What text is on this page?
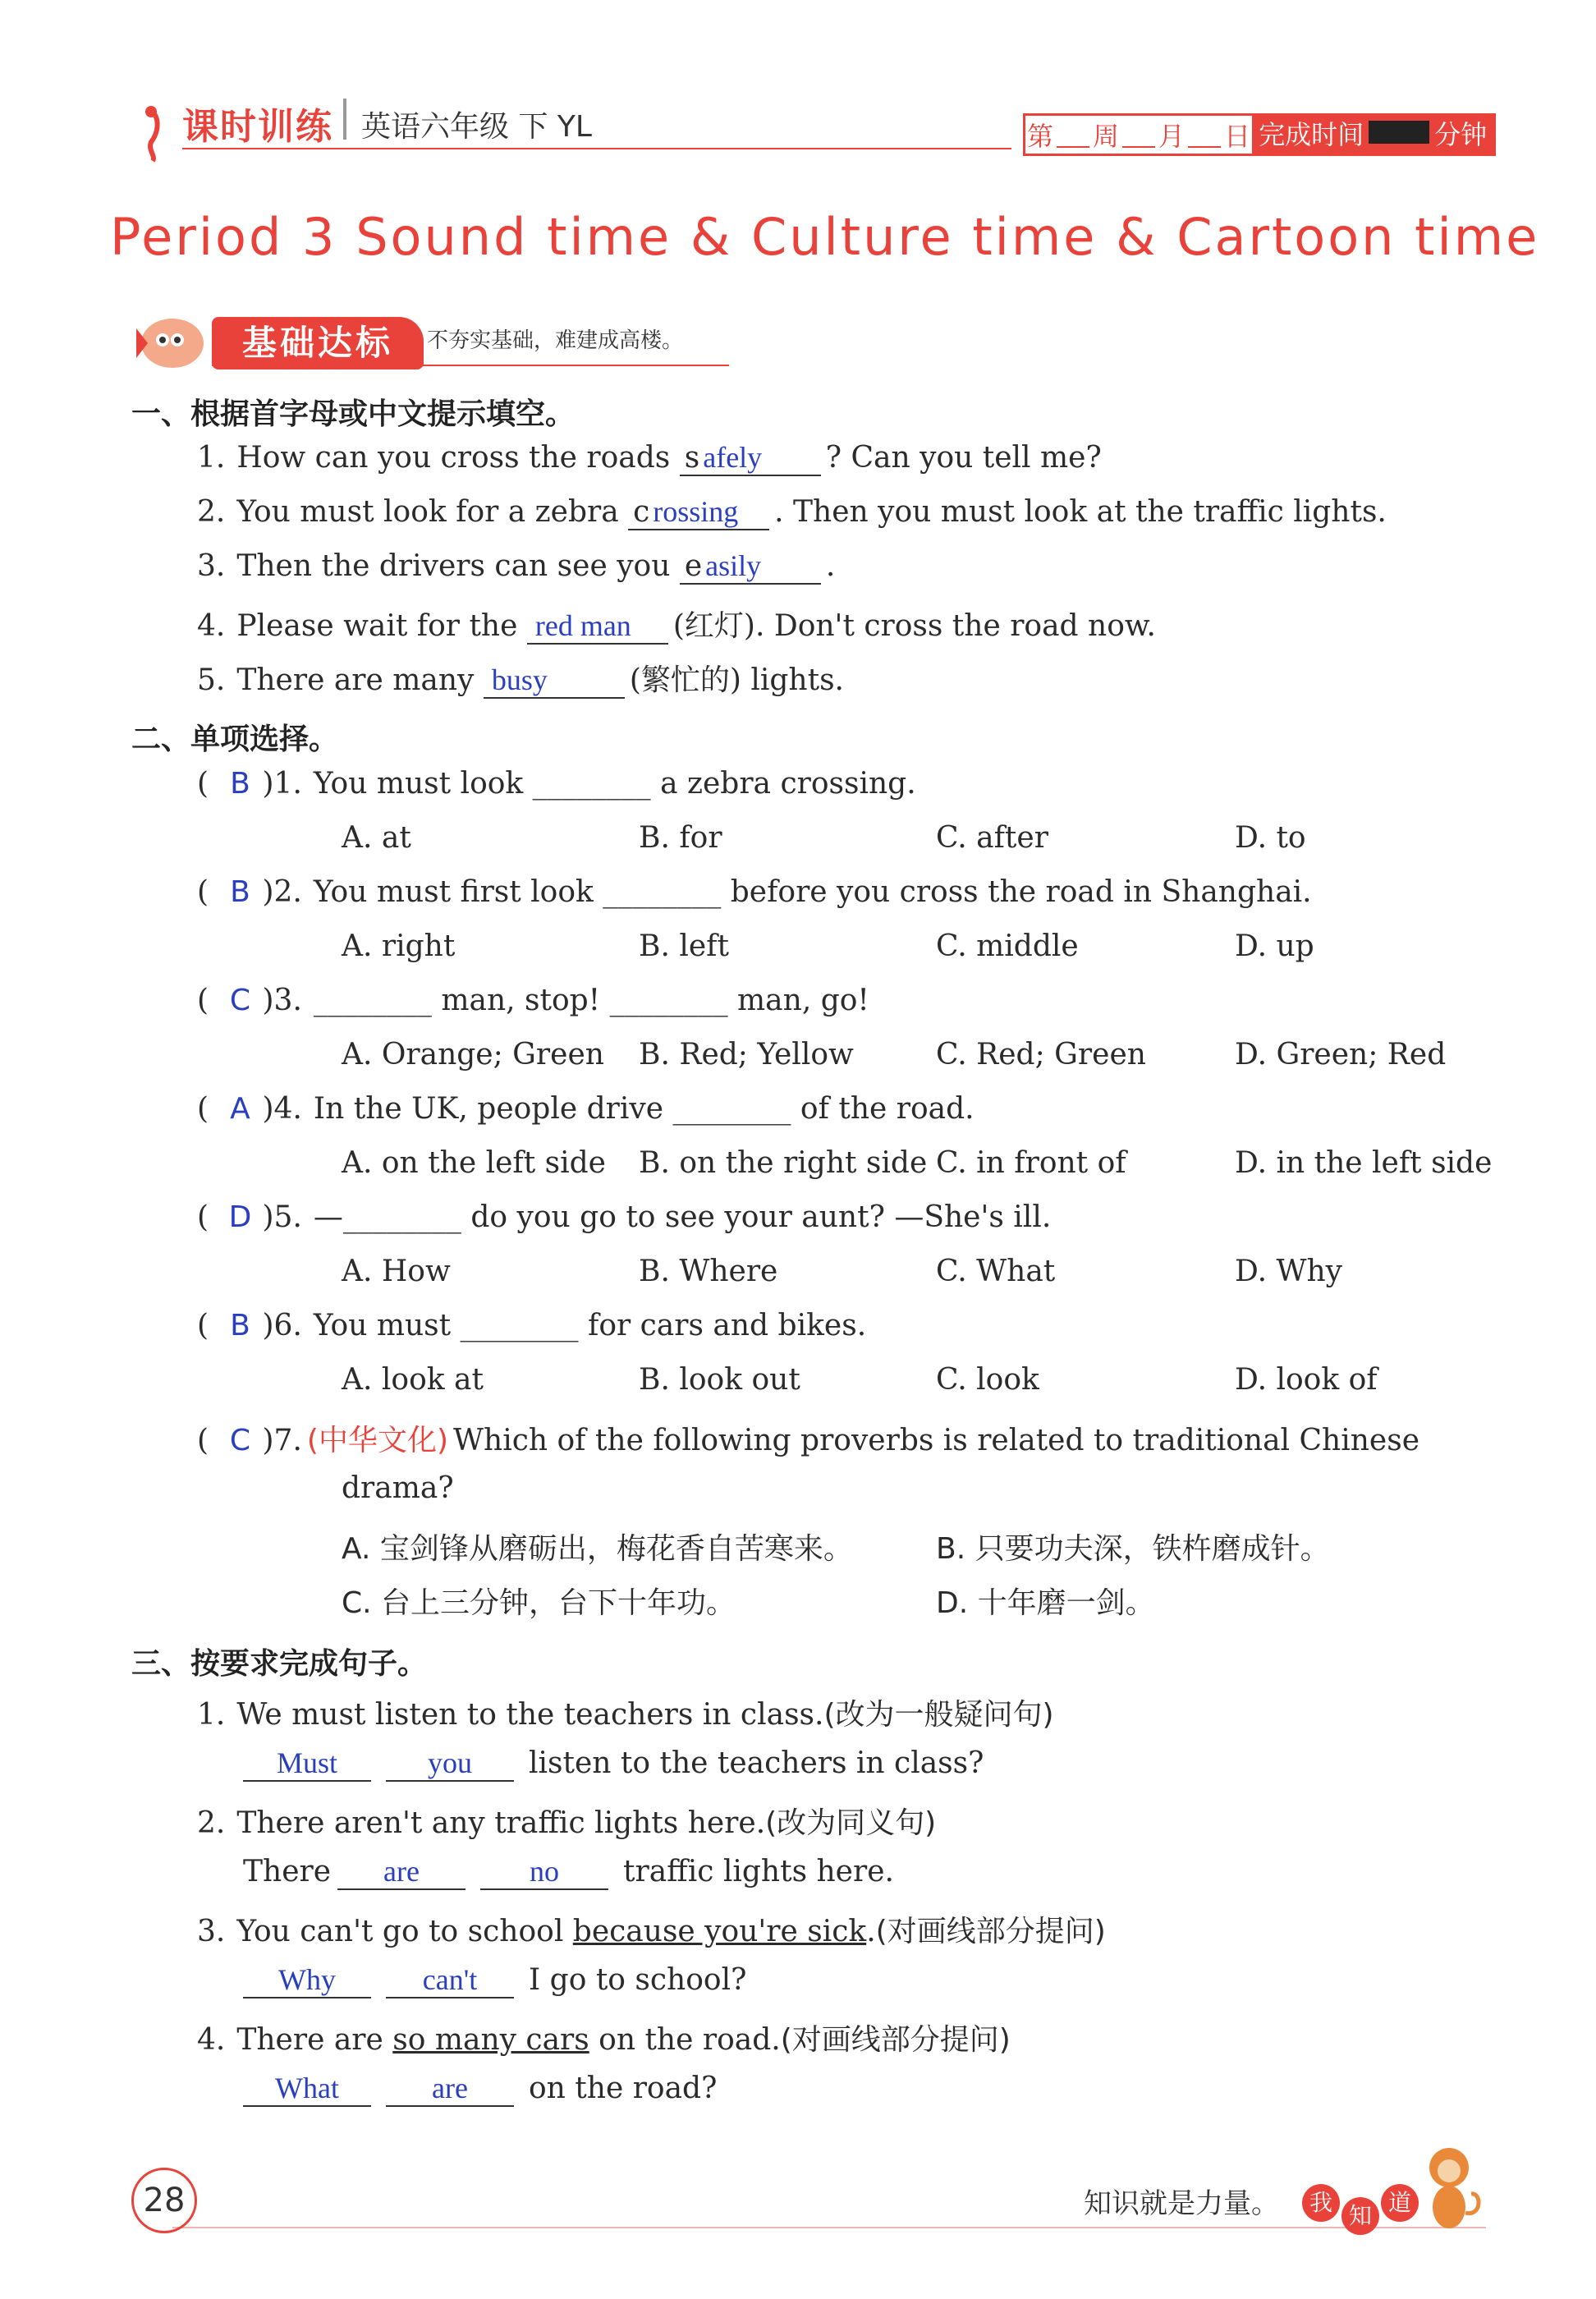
课时训练 英语六年级 下 YL	第 周 月 日 完成时间	分钟
Period 3 Sound time & Culture time & Cartoon time
基础达标	不夯实基础，难建成高楼。
一、根据首字母或中文提示填空。
1. How can you cross the roads s afely ? Can you tell me?
2. You must look for a zebra c rossing . Then you must look at the traffic lights.
3. Then the drivers can see you e asily .
4. Please wait for the red man (红灯). Don't cross the road now.
5. There are many busy	(繁忙的) lights.
二、单项选择。
( B )1. You must look ________ a zebra crossing.
A. at	B. for	C. after	D. to
( B )2. You must first look ________ before you cross the road in Shanghai.
A. right	B. left	C. middle	D. up
( C )3. ________ man, stop! ________ man, go!
A. Orange; Green B. Red; Yellow	C. Red; Green	D. Green; Red
( A )4. In the UK, people drive ________ of the road.
A. on the left side B. on the right side C. in front of	D. in the left side
( D )5. —________ do you go to see your aunt? —She's ill.
A. How	B. Where	C. What	D. Why
( B )6. You must ________ for cars and bikes.
A. look at	B. look out	C. look	D. look of
( C )7. (中华文化) Which of the following proverbs is related to traditional Chinese
drama?
A. 宝剑锋从磨砺出，梅花香自苦寒来。	B. 只要功夫深，铁杵磨成针。
C. 台上三分钟，台下十年功。	D. 十年磨一剑。
三、按要求完成句子。
1. We must listen to the teachers in class.(改为一般疑问句)
Must	you listen to the teachers in class?
2. There aren't any traffic lights here.(改为同义句)
There are	no traffic lights here.
3. You can't go to school because you're sick.(对画线部分提问)
Why	can't I go to school?
4. There are so many cars on the road.(对画线部分提问)
What	are on the road?
28	知识就是力量。	我 知 道
